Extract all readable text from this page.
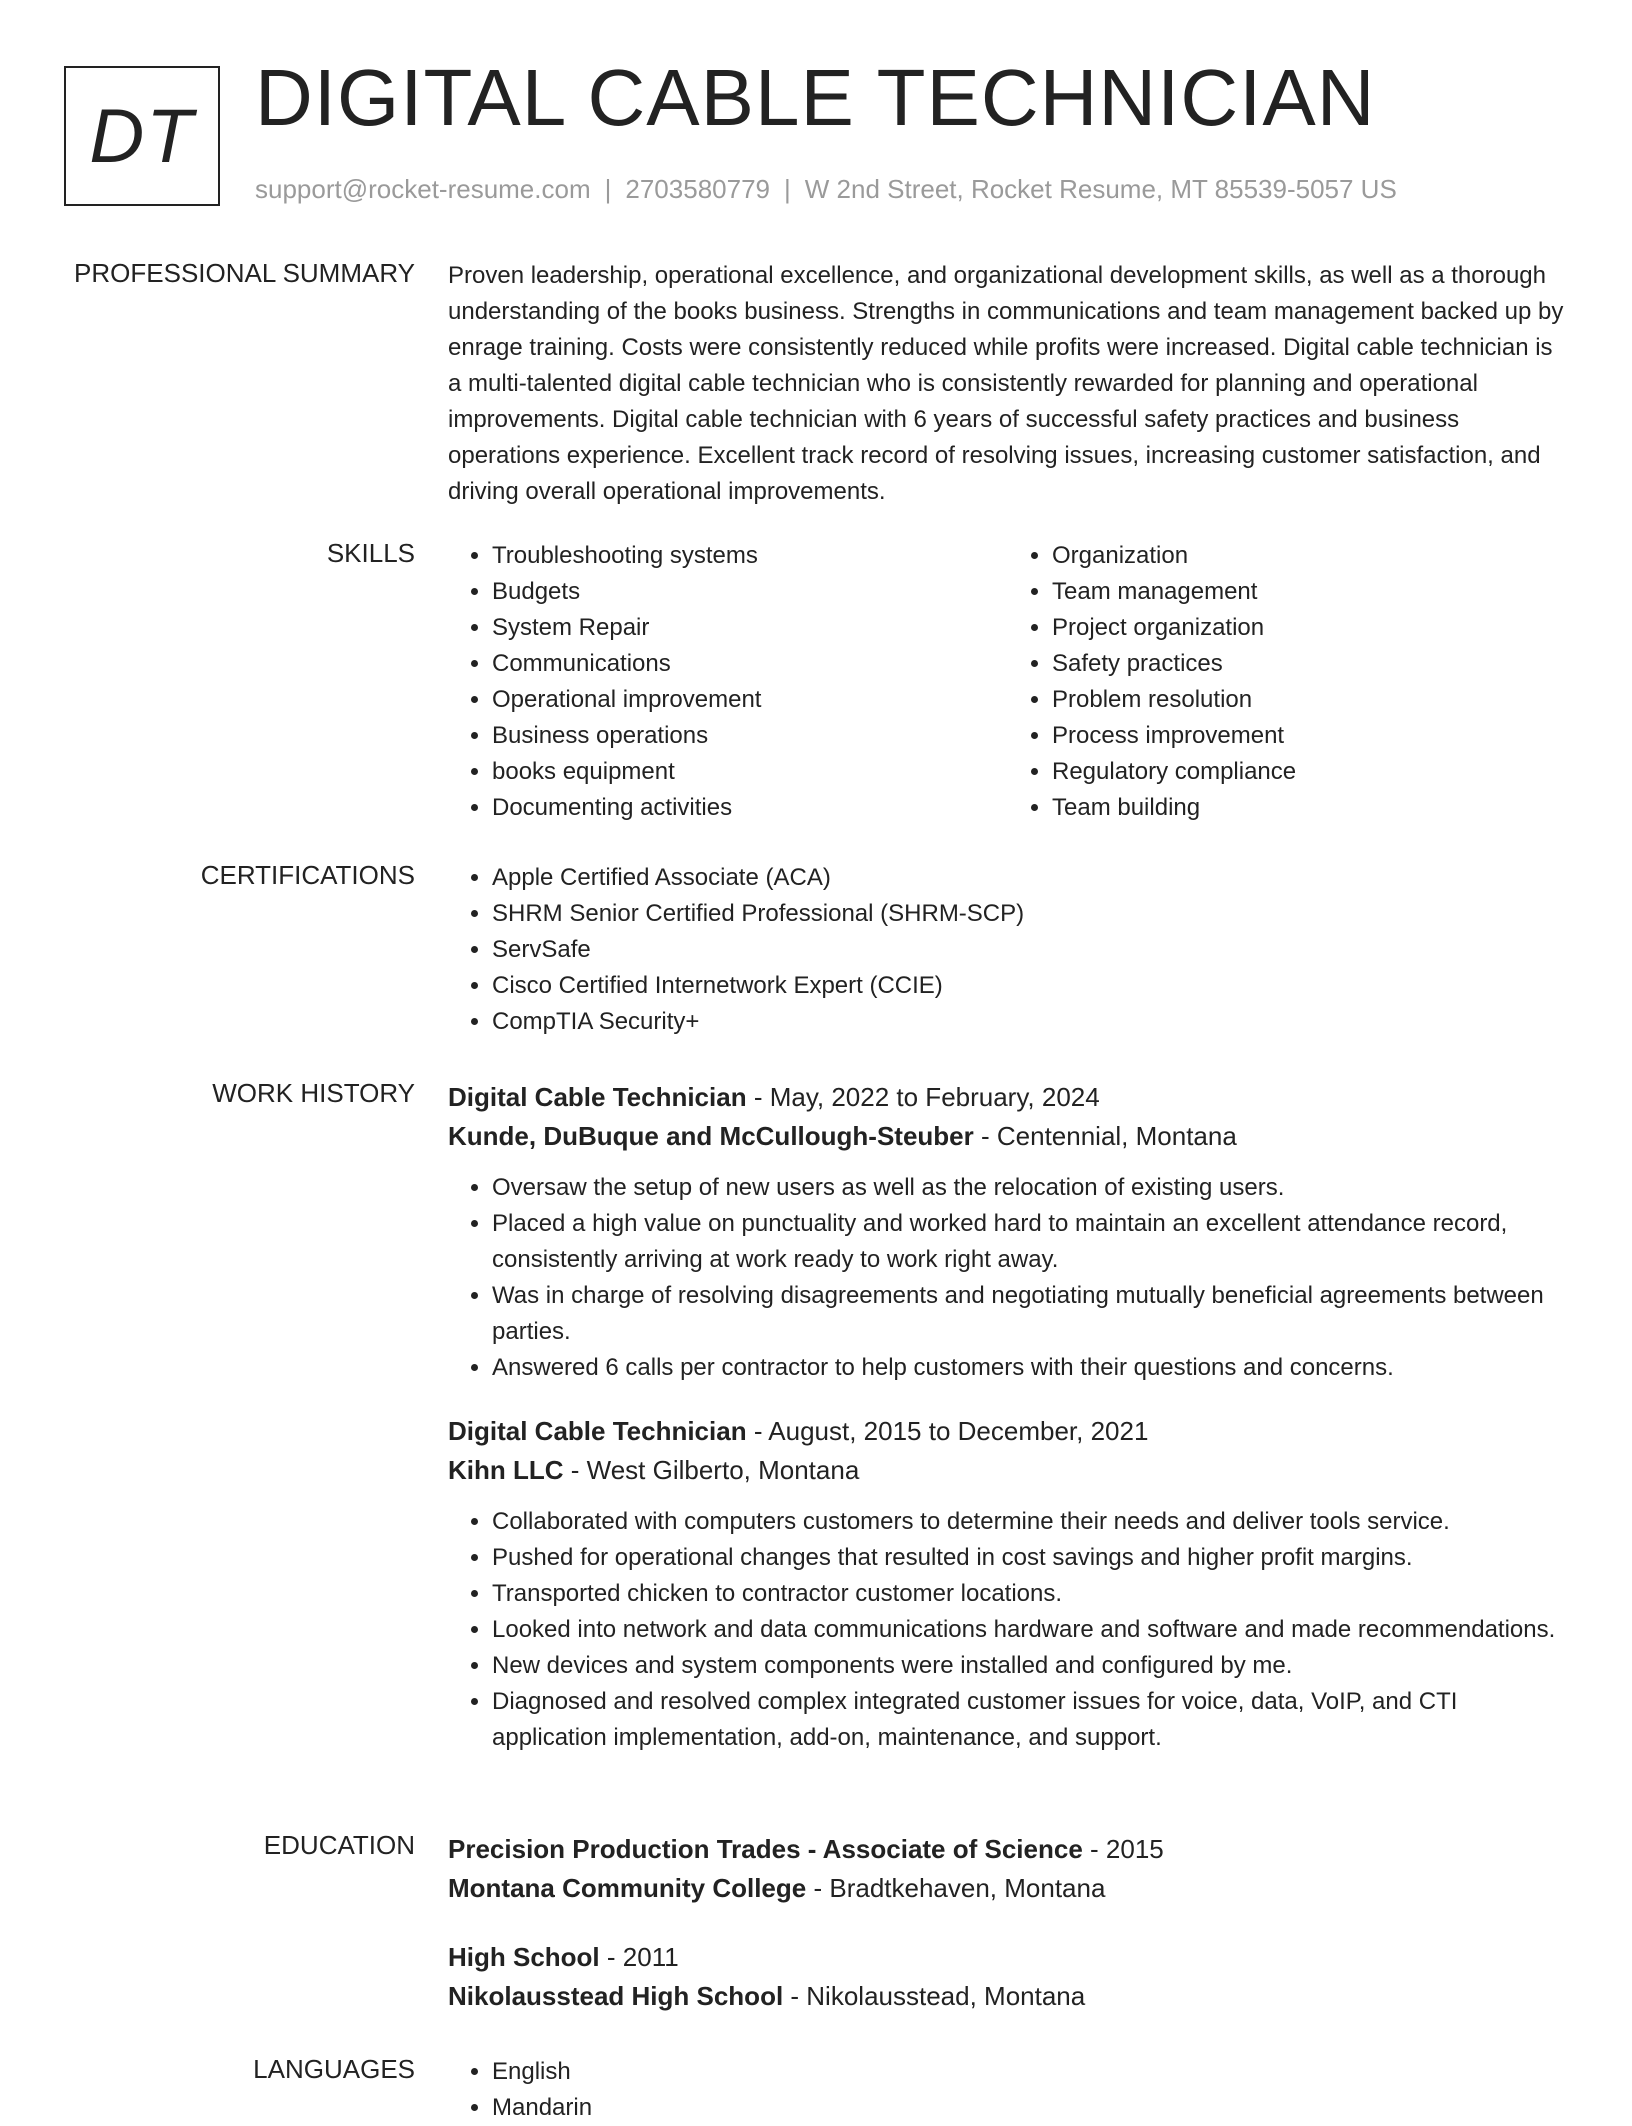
DT DIGITAL CABLE TECHNICIAN
support@rocket-resume.com | 2703580779 | W 2nd Street, Rocket Resume, MT 85539-5057 US
PROFESSIONAL SUMMARY Proven leadership, operational excellence, and organizational development skills, as well as a thorough understanding of the books business. Strengths in communications and team management backed up by enrage training. Costs were consistently reduced while profits were increased. Digital cable technician is a multi-talented digital cable technician who is consistently rewarded for planning and operational improvements. Digital cable technician with 6 years of successful safety practices and business operations experience. Excellent track record of resolving issues, increasing customer satisfaction, and driving overall operational improvements.

SKILLS	• Troubleshooting systems
• Budgets
• System Repair
• Communications
• Operational improvement
• Business operations
• books equipment
• Documenting activities
• Organization
• Team management
• Project organization
• Safety practices
• Problem resolution
• Process improvement
• Regulatory compliance
• Team building
CERTIFICATIONS	• Apple Certified Associate (ACA)
• SHRM Senior Certified Professional (SHRM-SCP)
• ServSafe
• Cisco Certified Internetwork Expert (CCIE)
• CompTIA Security+
WORK HISTORY Digital Cable Technician - May, 2022 to February, 2024

Kunde, DuBuque and McCullough-Steuber - Centennial, Montana

• Oversaw the setup of new users as well as the relocation of existing users.
• Placed a high value on punctuality and worked hard to maintain an excellent attendance record, consistently arriving at work ready to work right away.
• Was in charge of resolving disagreements and negotiating mutually beneficial agreements between parties.
• Answered 6 calls per contractor to help customers with their questions and concerns.

Digital Cable Technician - August, 2015 to December, 2021

Kihn LLC - West Gilberto, Montana

• Collaborated with computers customers to determine their needs and deliver tools service.
• Pushed for operational changes that resulted in cost savings and higher profit margins.
• Transported chicken to contractor customer locations.
• Looked into network and data communications hardware and software and made recommendations.
• New devices and system components were installed and configured by me.
• Diagnosed and resolved complex integrated customer issues for voice, data, VoIP, and CTI application implementation, add-on, maintenance, and support.
EDUCATION Precision Production Trades - Associate of Science - 2015

Montana Community College - Bradtkehaven, Montana

High School - 2011

Nikolausstead High School - Nikolausstead, Montana

LANGUAGES	• English
• Mandarin
